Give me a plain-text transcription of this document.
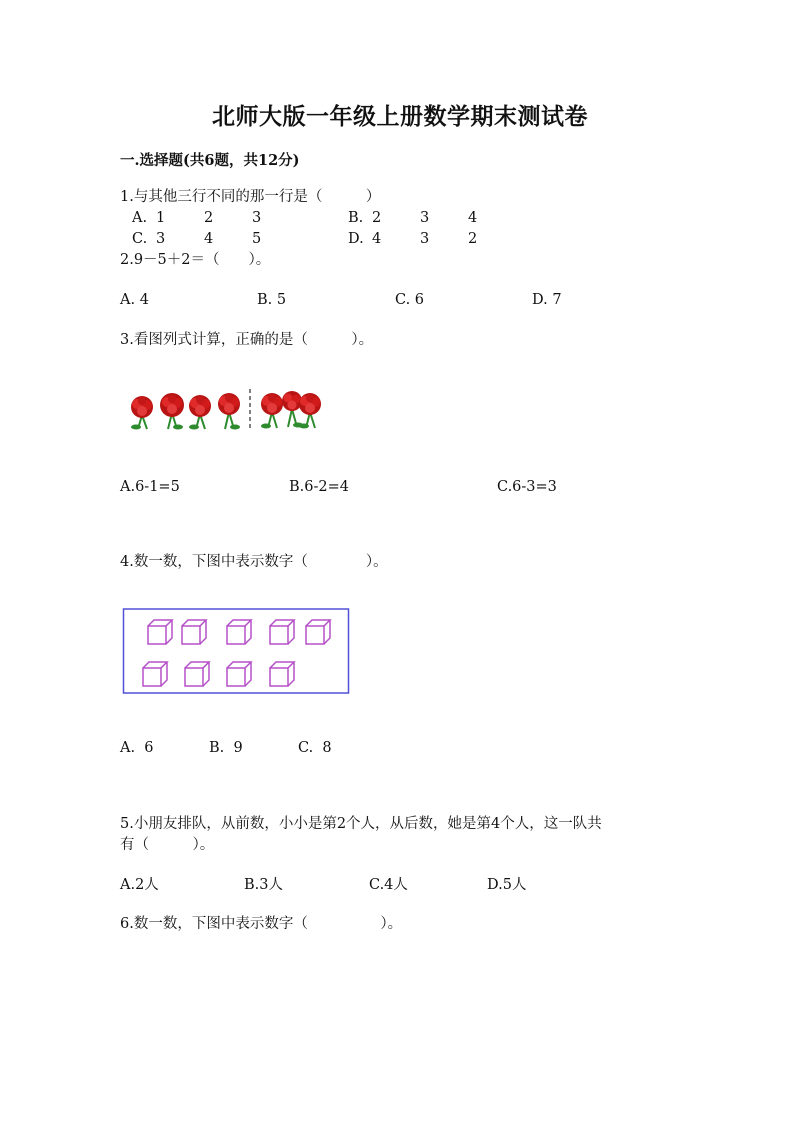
北师大版一年级上册数学期末测试卷
一.选择题(共6题，共12分)
1.与其他三行不同的那一行是（　　　）
A. 1	2	3	B. 2	3	4
C. 3	4	5	D. 4	3	2
2.9－5＋2＝（　　）。
A. 4	B. 5	C. 6	D. 7
3.看图列式计算，正确的是（　　　）。
A.6-1=5	B.6-2=4	C.6-3=3
4.数一数，下图中表示数字（　　　　）。
A.  6	B.  9	C.  8
5.小朋友排队，从前数，小小是第2个人，从后数，她是第4个人，这一队共
有（　　　）。
A.2人	B.3人	C.4人	D.5人
6.数一数，下图中表示数字（　　　　　）。
